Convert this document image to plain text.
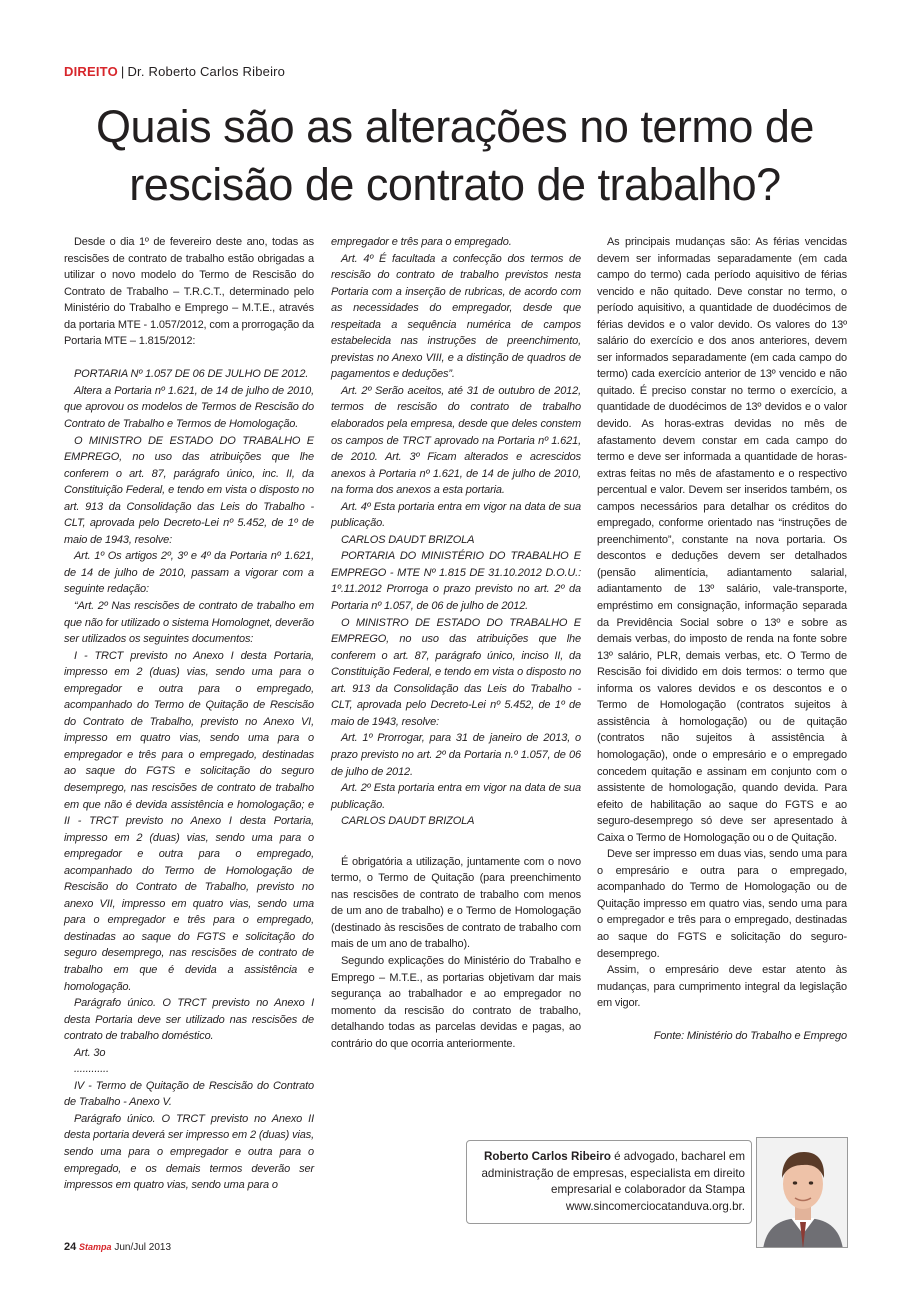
DIREITO | Dr. Roberto Carlos Ribeiro
Quais são as alterações no termo de rescisão de contrato de trabalho?

Desde o dia 1º de fevereiro deste ano, todas as rescisões de contrato de trabalho estão obrigadas a utilizar o novo modelo do Termo de Rescisão do Contrato de Trabalho – T.R.C.T., determinado pelo Ministério do Trabalho e Emprego – M.T.E., através da portaria MTE - 1.057/2012, com a prorrogação da Portaria MTE – 1.815/2012:

PORTARIA Nº 1.057 DE 06 DE JULHO DE 2012.

Altera a Portaria nº 1.621, de 14 de julho de 2010, que aprovou os modelos de Termos de Rescisão do Contrato de Trabalho e Termos de Homologação.

O MINISTRO DE ESTADO DO TRABALHO E EMPREGO, no uso das atribuições que lhe conferem o art. 87, parágrafo único, inc. II, da Constituição Federal, e tendo em vista o disposto no art. 913 da Consolidação das Leis do Trabalho - CLT, aprovada pelo Decreto-Lei nº 5.452, de 1º de maio de 1943, resolve:

Art. 1º Os artigos 2º, 3º e 4º da Portaria nº 1.621, de 14 de julho de 2010, passam a vigorar com a seguinte redação:

“Art. 2º Nas rescisões de contrato de trabalho em que não for utilizado o sistema Homolognet, deverão ser utilizados os seguintes documentos:

I - TRCT previsto no Anexo I desta Portaria, impresso em 2 (duas) vias, sendo uma para o empregador e outra para o empregado, acompanhado do Termo de Quitação de Rescisão do Contrato de Trabalho, previsto no Anexo VI, impresso em quatro vias, sendo uma para o empregador e três para o empregado, destinadas ao saque do FGTS e solicitação do seguro desemprego, nas rescisões de contrato de trabalho em que não é devida assistência e homologação; e II - TRCT previsto no Anexo I desta Portaria, impresso em 2 (duas) vias, sendo uma para o empregador e outra para o empregado, acompanhado do Termo de Homologação de Rescisão do Contrato de Trabalho, previsto no anexo VII, impresso em quatro vias, sendo uma para o empregador e três para o empregado, destinadas ao saque do FGTS e solicitação do seguro desemprego, nas rescisões de contrato de trabalho em que é devida a assistência e homologação.

Parágrafo único. O TRCT previsto no Anexo I desta Portaria deve ser utilizado nas rescisões de contrato de trabalho doméstico.

Art. 3o

............

IV - Termo de Quitação de Rescisão do Contrato de Trabalho - Anexo V.

Parágrafo único. O TRCT previsto no Anexo II desta portaria deverá ser impresso em 2 (duas) vias, sendo uma para o empregador e outra para o empregado, e os demais termos deverão ser impressos em quatro vias, sendo uma para o

empregador e três para o empregado.

Art. 4º É facultada a confecção dos termos de rescisão do contrato de trabalho previstos nesta Portaria com a inserção de rubricas, de acordo com as necessidades do empregador, desde que respeitada a sequência numérica de campos estabelecida nas instruções de preenchimento, previstas no Anexo VIII, e a distinção de quadros de pagamentos e deduções”.

Art. 2º Serão aceitos, até 31 de outubro de 2012, termos de rescisão do contrato de trabalho elaborados pela empresa, desde que deles constem os campos de TRCT aprovado na Portaria nº 1.621, de 2010. Art. 3º Ficam alterados e acrescidos anexos à Portaria nº 1.621, de 14 de julho de 2010, na forma dos anexos a esta portaria.

Art. 4º Esta portaria entra em vigor na data de sua publicação.

CARLOS DAUDT BRIZOLA

PORTARIA DO MINISTÉRIO DO TRABALHO E EMPREGO - MTE Nº 1.815 DE 31.10.2012 D.O.U.: 1º.11.2012 Prorroga o prazo previsto no art. 2º da Portaria nº 1.057, de 06 de julho de 2012.

O MINISTRO DE ESTADO DO TRABALHO E EMPREGO, no uso das atribuições que lhe conferem o art. 87, parágrafo único, inciso II, da Constituição Federal, e tendo em vista o disposto no art. 913 da Consolidação das Leis do Trabalho - CLT, aprovada pelo Decreto-Lei nº 5.452, de 1º de maio de 1943, resolve:

Art. 1º Prorrogar, para 31 de janeiro de 2013, o prazo previsto no art. 2º da Portaria n.º 1.057, de 06 de julho de 2012.

Art. 2º Esta portaria entra em vigor na data de sua publicação.

CARLOS DAUDT BRIZOLA

É obrigatória a utilização, juntamente com o novo termo, o Termo de Quitação (para preenchimento nas rescisões de contrato de trabalho com menos de um ano de trabalho) e o Termo de Homologação (destinado às rescisões de contrato de trabalho com mais de um ano de trabalho).

Segundo explicações do Ministério do Trabalho e Emprego – M.T.E., as portarias objetivam dar mais segurança ao trabalhador e ao empregador no momento da rescisão do contrato de trabalho, detalhando todas as parcelas devidas e pagas, ao contrário do que ocorria anteriormente.

As principais mudanças são: As férias vencidas devem ser informadas separadamente (em cada campo do termo) cada período aquisitivo de férias vencido e não quitado. Deve constar no termo, o período aquisitivo, a quantidade de duodécimos de férias devidos e o valor devido. Os valores do 13º salário do exercício e dos anos anteriores, devem ser informados separadamente (em cada campo do termo) cada exercício anterior de 13º vencido e não quitado. É preciso constar no termo o exercício, a quantidade de duodécimos de 13º devidos e o valor devido. As horas-extras devidas no mês de afastamento devem constar em cada campo do termo e deve ser informada a quantidade de horas-extras feitas no mês de afastamento e o respectivo percentual e valor. Devem ser inseridos também, os campos necessários para detalhar os créditos do empregado, conforme orientado nas “instruções de preenchimento”, constante na nova portaria. Os descontos e deduções devem ser detalhados (pensão alimentícia, adiantamento salarial, adiantamento de 13º salário, vale-transporte, empréstimo em consignação, informação separada da Previdência Social sobre o 13º e sobre as demais verbas, do imposto de renda na fonte sobre 13º salário, PLR, demais verbas, etc. O Termo de Rescisão foi dividido em dois termos: o termo que informa os valores devidos e os descontos e o Termo de Homologação (contratos sujeitos à assistência à homologação) ou de quitação (contratos não sujeitos à assistência à homologação), onde o empresário e o empregado concedem quitação e assinam em conjunto com o assistente de homologação, quando devida. Para efeito de habilitação ao saque do FGTS e ao seguro-desemprego só deve ser apresentado à Caixa o Termo de Homologação ou o de Quitação.

Deve ser impresso em duas vias, sendo uma para o empresário e outra para o empregado, acompanhado do Termo de Homologação ou de Quitação impresso em quatro vias, sendo uma para o empregador e três para o empregado, destinadas ao saque do FGTS e solicitação do seguro-desemprego.

Assim, o empresário deve estar atento às mudanças, para cumprimento integral da legislação em vigor.

Fonte: Ministério do Trabalho e Emprego

Roberto Carlos Ribeiro é advogado, bacharel em administração de empresas, especialista em direito empresarial e colaborador da Stampa
www.sincomerciocatanduva.org.br.
24 Stampa Jun/Jul 2013
